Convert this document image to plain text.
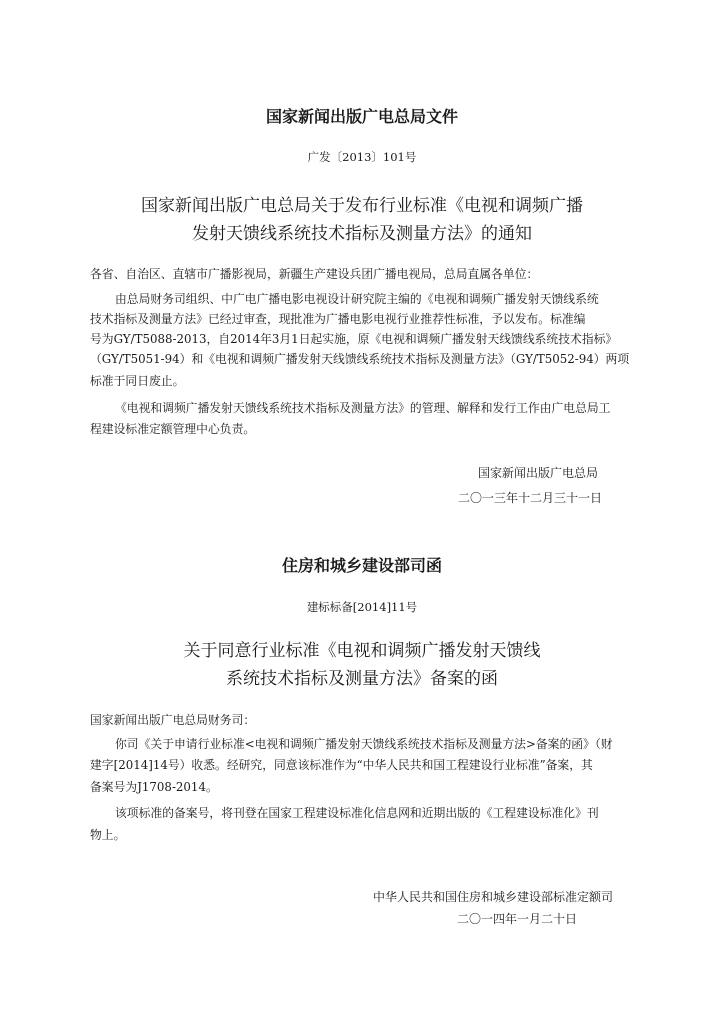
国家新闻出版广电总局文件
广发〔2013〕101号
国家新闻出版广电总局关于发布行业标准《电视和调频广播
发射天馈线系统技术指标及测量方法》的通知
各省、自治区、直辖市广播影视局，新疆生产建设兵团广播电视局，总局直属各单位：
由总局财务司组织、中广电广播电影电视设计研究院主编的《电视和调频广播发射天馈线系统
技术指标及测量方法》已经过审查，现批准为广播电影电视行业推荐性标准，予以发布。标准编
号为GY/T5088-2013，自2014年3月1日起实施，原《电视和调频广播发射天线馈线系统技术指标》
（GY/T5051-94）和《电视和调频广播发射天线馈线系统技术指标及测量方法》（GY/T5052-94）两项
标准于同日废止。
《电视和调频广播发射天馈线系统技术指标及测量方法》的管理、解释和发行工作由广电总局工
程建设标准定额管理中心负责。
国家新闻出版广电总局
二〇一三年十二月三十一日
住房和城乡建设部司函
建标标备[2014]11号
关于同意行业标准《电视和调频广播发射天馈线
系统技术指标及测量方法》备案的函
国家新闻出版广电总局财务司：
你司《关于申请行业标准<电视和调频广播发射天馈线系统技术指标及测量方法>备案的函》（财
建字[2014]14号）收悉。经研究，同意该标准作为“中华人民共和国工程建设行业标准”备案，其
备案号为J1708-2014。
该项标准的备案号，将刊登在国家工程建设标准化信息网和近期出版的《工程建设标准化》刊
物上。
中华人民共和国住房和城乡建设部标准定额司
二〇一四年一月二十日
